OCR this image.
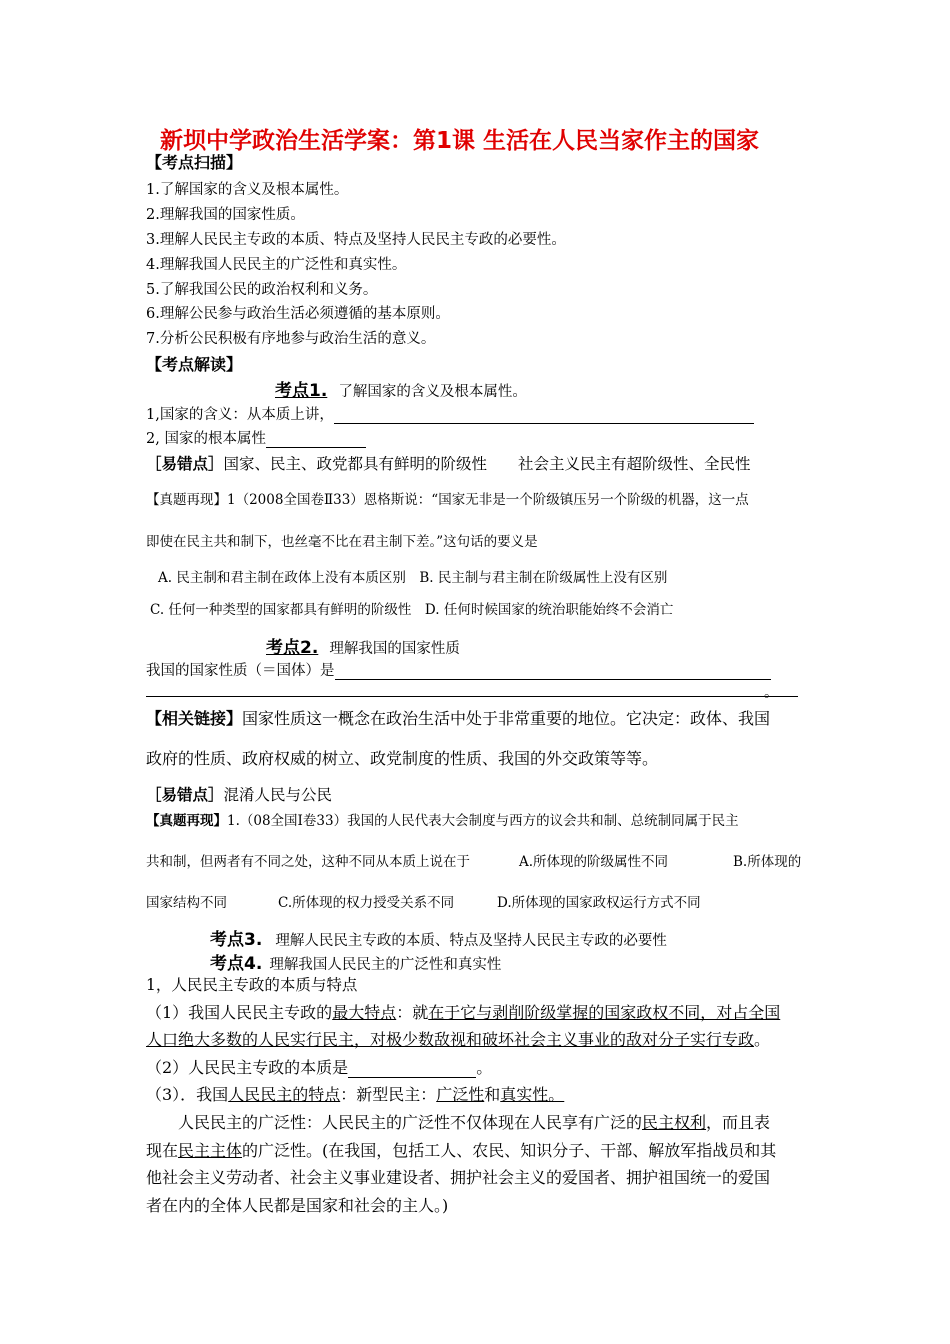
新坝中学政治生活学案：第1课 生活在人民当家作主的国家
【考点扫描】
1.了解国家的含义及根本属性。
2.理解我国的国家性质。
3.理解人民民主专政的本质、特点及坚持人民民主专政的必要性。
4.理解我国人民民主的广泛性和真实性。
5.了解我国公民的政治权利和义务。
6.理解公民参与政治生活必须遵循的基本原则。
7.分析公民积极有序地参与政治生活的意义。
【考点解读】
考点1. 了解国家的含义及根本属性。
1,国家的含义：从本质上讲，
2, 国家的根本属性
［易错点］国家、民主、政党都具有鲜明的阶级性　　社会主义民主有超阶级性、全民性
【真题再现】1（2008全国卷Ⅱ33）恩格斯说：“国家无非是一个阶级镇压另一个阶级的机器，这一点
即使在民主共和制下，也丝毫不比在君主制下差。”这句话的要义是
A. 民主制和君主制在政体上没有本质区别　B. 民主制与君主制在阶级属性上没有区别
C. 任何一种类型的国家都具有鲜明的阶级性　D. 任何时候国家的统治职能始终不会消亡
考点2. 理解我国的国家性质
我国的国家性质（＝国体）是
。
【相关链接】国家性质这一概念在政治生活中处于非常重要的地位。它决定：政体、我国
政府的性质、政府权威的树立、政党制度的性质、我国的外交政策等等。
［易错点］混淆人民与公民
【真题再现】1.（08全国Ⅰ卷33）我国的人民代表大会制度与西方的议会共和制、总统制同属于民主
共和制，但两者有不同之处，这种不同从本质上说在于	A.所体现的阶级属性不同	B.所体现的
国家结构不同	C.所体现的权力授受关系不同	D.所体现的国家政权运行方式不同
考点3. 理解人民民主专政的本质、特点及坚持人民民主专政的必要性
考点4. 理解我国人民民主的广泛性和真实性
1，人民民主专政的本质与特点
（1）我国人民民主专政的最大特点：就在于它与剥削阶级掌握的国家政权不同，对占全国
人口绝大多数的人民实行民主，对极少数敌视和破坏社会主义事业的敌对分子实行专政。
（2）人民民主专政的本质是	。
（3）．我国人民民主的特点：新型民主：广泛性和真实性。
人民民主的广泛性：人民民主的广泛性不仅体现在人民享有广泛的民主权利，而且表
现在民主主体的广泛性。(在我国，包括工人、农民、知识分子、干部、解放军指战员和其
他社会主义劳动者、社会主义事业建设者、拥护社会主义的爱国者、拥护祖国统一的爱国
者在内的全体人民都是国家和社会的主人。)
